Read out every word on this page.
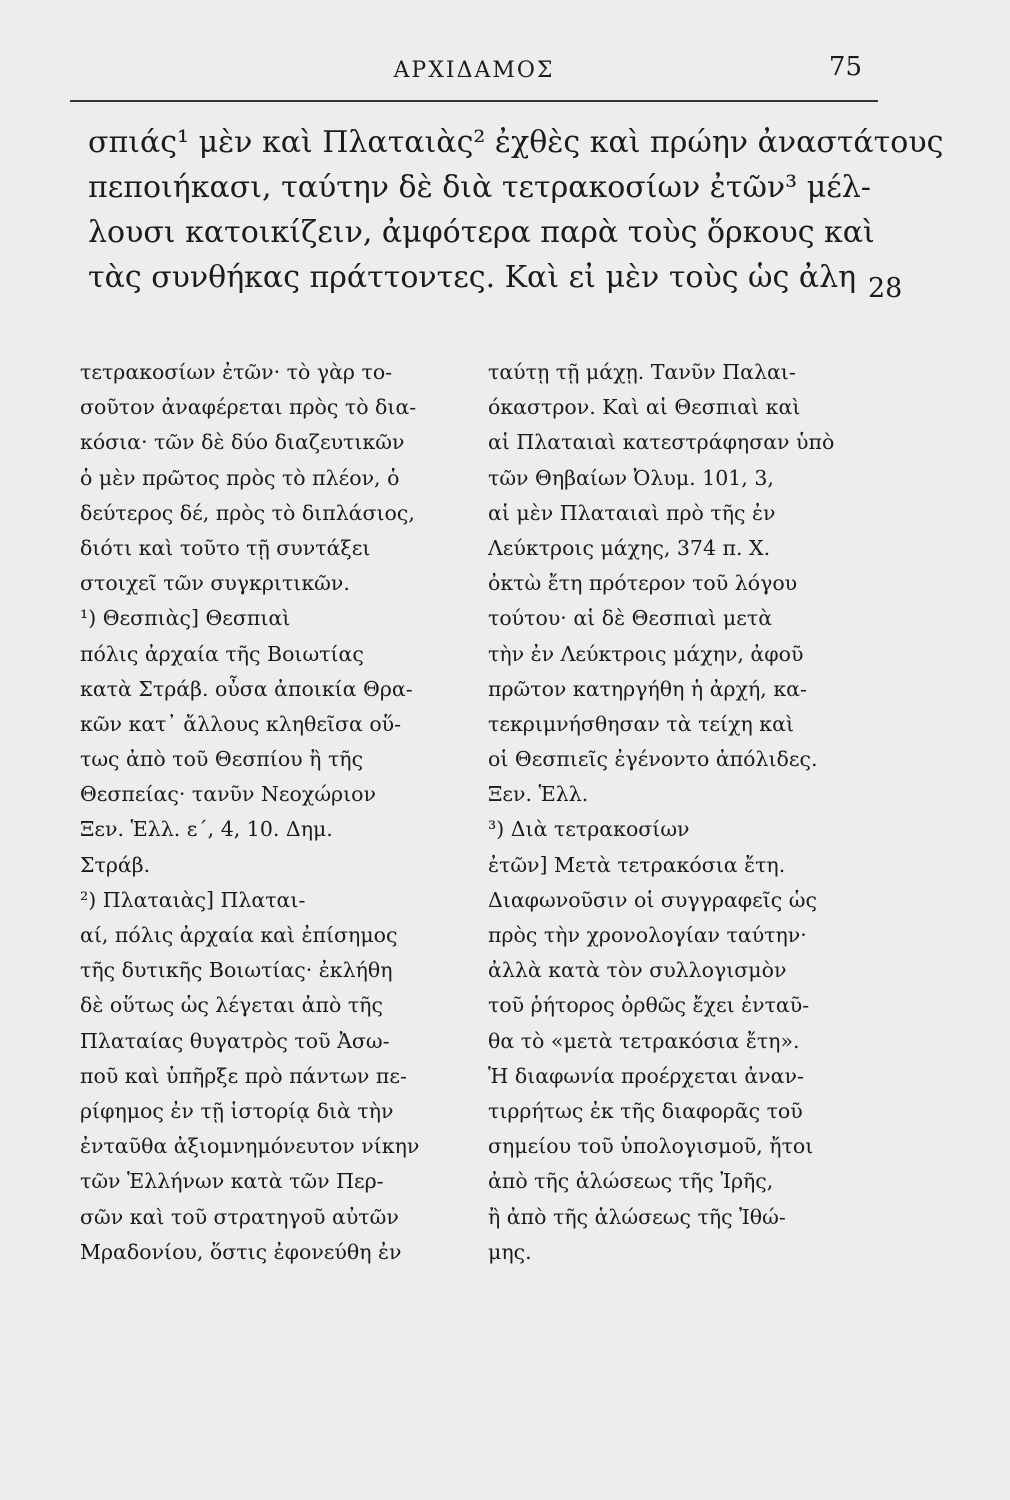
ΑΡΧΙΔΑΜΟΣ	75
σπιάς¹ μὲν καὶ Πλαταιὰς² ἐχθὲς καὶ πρώην ἀναστάτους
πεποιήκασι, ταύτην δὲ διὰ τετρακοσίων ἐτῶν³ μέλ-
λουσι κατοικίζειν, ἀμφότερα παρὰ τοὺς ὅρκους καὶ
τὰς συνθήκας πράττοντες. Καὶ εἰ μὲν τοὺς ὡς ἀλη 28
τετρακοσίων ἐτῶν· τὸ γὰρ το-
σοῦτον ἀναφέρεται πρὸς τὸ δια-
κόσια· τῶν δὲ δύο διαζευτικῶν
ὁ μὲν πρῶτος πρὸς τὸ πλέον, ὁ
δεύτερος δέ, πρὸς τὸ διπλάσιος,
διότι καὶ τοῦτο τῇ συντάξει
στοιχεῖ τῶν συγκριτικῶν.
¹) Θεσπιὰς] Θεσπιαὶ
πόλις ἀρχαία τῆς Βοιωτίας
κατὰ Στράβ. οὖσα ἀποικία Θρα-
κῶν κατ᾿ ἄλλους κληθεῖσα οὕ-
τως ἀπὸ τοῦ Θεσπίου ἢ τῆς
Θεσπείας· τανῦν Νεοχώριον
Ξεν. Ἑλλ. ε΄, 4, 10. Δημ.
Στράβ.
²) Πλαταιὰς] Πλαται-
αί, πόλις ἀρχαία καὶ ἐπίσημος
τῆς δυτικῆς Βοιωτίας· ἐκλήθη
δὲ οὕτως ὡς λέγεται ἀπὸ τῆς
Πλαταίας θυγατρὸς τοῦ Ἀσω-
ποῦ καὶ ὑπῆρξε πρὸ πάντων πε-
ρίφημος ἐν τῇ ἱστορίᾳ διὰ τὴν
ἐνταῦθα ἀξιομνημόνευτον νίκην
τῶν Ἑλλήνων κατὰ τῶν Περ-
σῶν καὶ τοῦ στρατηγοῦ αὐτῶν
Μραδονίου, ὅστις ἐφονεύθη ἐν
ταύτῃ τῇ μάχῃ. Τανῦν Παλαι-
όκαστρον. Καὶ αἱ Θεσπιαὶ καὶ
αἱ Πλαταιαὶ κατεστράφησαν ὑπὸ
τῶν Θηβαίων Ὀλυμ. 101, 3,
αἱ μὲν Πλαταιαὶ πρὸ τῆς ἐν
Λεύκτροις μάχης, 374 π. Χ.
ὀκτὼ ἔτη πρότερον τοῦ λόγου
τούτου· αἱ δὲ Θεσπιαὶ μετὰ
τὴν ἐν Λεύκτροις μάχην, ἀφοῦ
πρῶτον κατηργήθη ἡ ἀρχή, κα-
τεκριμνήσθησαν τὰ τείχη καὶ
οἱ Θεσπιεῖς ἐγένοντο ἀπόλιδες.
Ξεν. Ἑλλ.
³) Διὰ τετρακοσίων
ἐτῶν] Μετὰ τετρακόσια ἔτη.
Διαφωνοῦσιν οἱ συγγραφεῖς ὡς
πρὸς τὴν χρονολογίαν ταύτην·
ἀλλὰ κατὰ τὸν συλλογισμὸν
τοῦ ῥήτορος ὀρθῶς ἔχει ἐνταῦ-
θα τὸ «μετὰ τετρακόσια ἔτη».
Ἡ διαφωνία προέρχεται ἀναν-
τιρρήτως ἐκ τῆς διαφορᾶς τοῦ
σημείου τοῦ ὑπολογισμοῦ, ἤτοι
ἀπὸ τῆς ἁλώσεως τῆς Ἰρῆς,
ἢ ἀπὸ τῆς ἁλώσεως τῆς Ἰθώ-
μης.
